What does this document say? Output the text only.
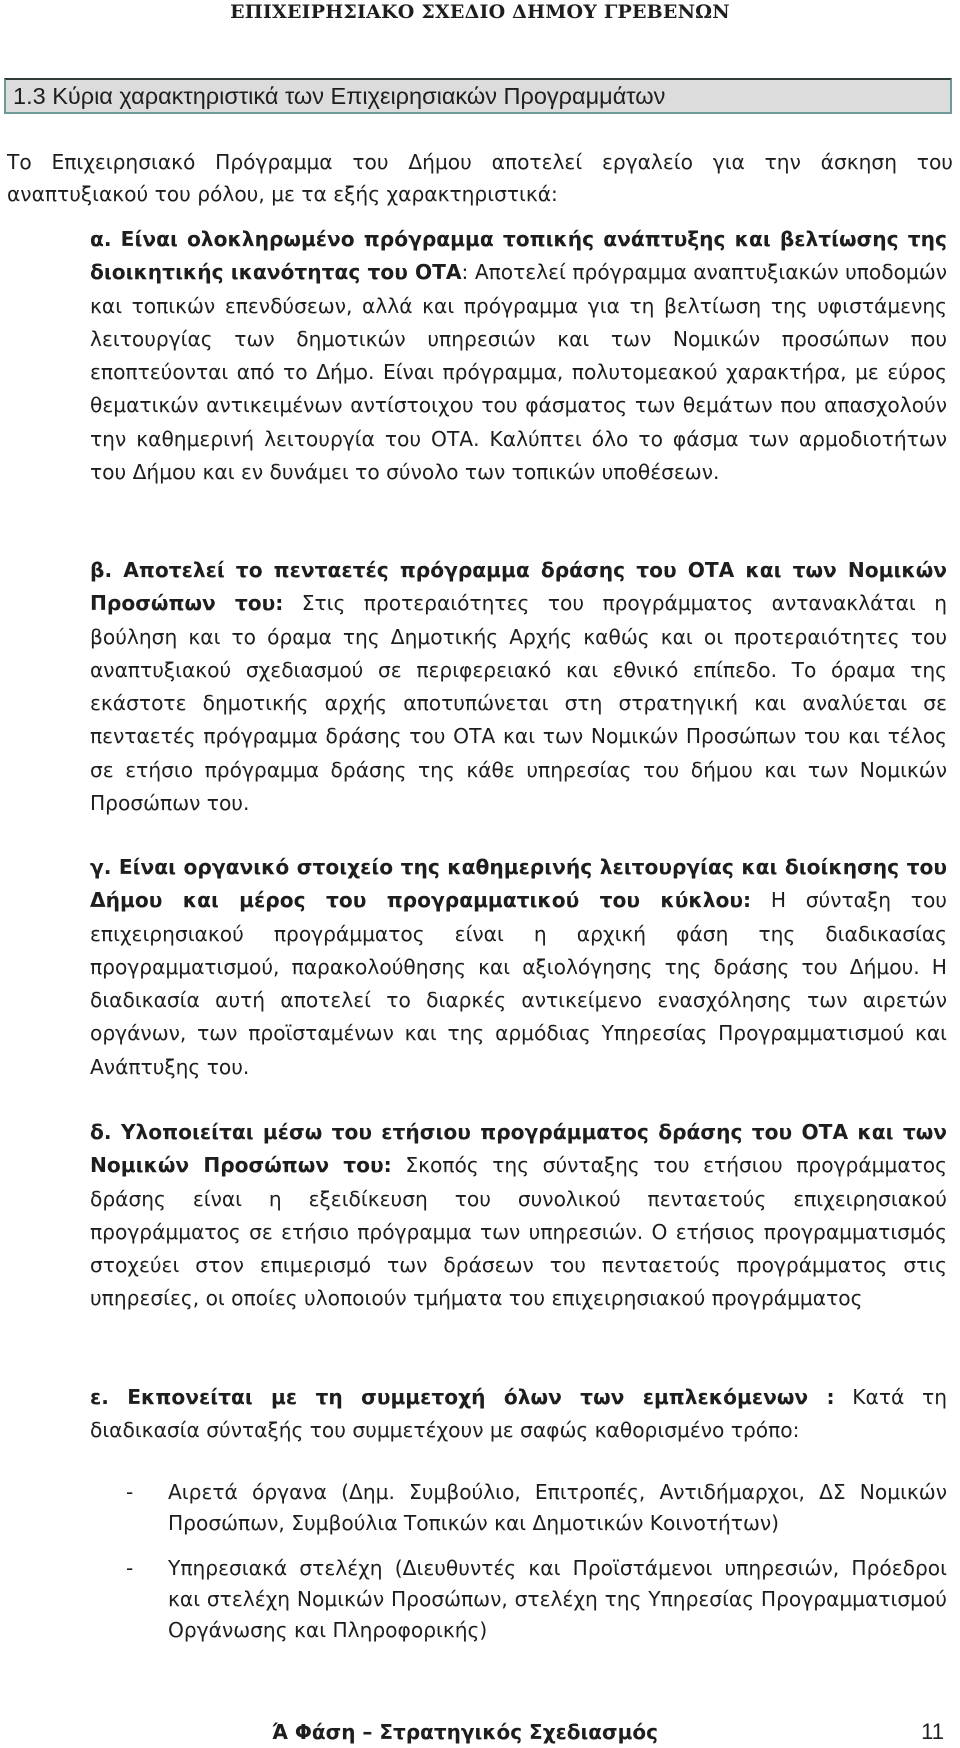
ΕΠΙΧΕΙΡΗΣΙΑΚΟ ΣΧΕΔΙΟ ΔΗΜΟΥ ΓΡΕΒΕΝΩΝ
1.3 Κύρια χαρακτηριστικά των Επιχειρησιακών Προγραμμάτων

Το Επιχειρησιακό Πρόγραμμα του Δήμου αποτελεί εργαλείο για την άσκηση του αναπτυξιακού του ρόλου, με τα εξής χαρακτηριστικά:

α. Είναι ολοκληρωμένο πρόγραμμα τοπικής ανάπτυξης και βελτίωσης της διοικητικής ικανότητας του ΟΤΑ: Αποτελεί πρόγραμμα αναπτυξιακών υποδομών και τοπικών επενδύσεων, αλλά και πρόγραμμα για τη βελτίωση της υφιστάμενης λειτουργίας των δημοτικών υπηρεσιών και των Νομικών προσώπων που εποπτεύονται από το Δήμο. Είναι πρόγραμμα, πολυτομεακού χαρακτήρα, με εύρος θεματικών αντικειμένων αντίστοιχου του φάσματος των θεμάτων που απασχολούν την καθημερινή λειτουργία του ΟΤΑ. Καλύπτει όλο το φάσμα των αρμοδιοτήτων του Δήμου και εν δυνάμει το σύνολο των τοπικών υποθέσεων.

β. Αποτελεί το πενταετές πρόγραμμα δράσης του ΟΤΑ και των Νομικών Προσώπων του: Στις προτεραιότητες του προγράμματος αντανακλάται η βούληση και το όραμα της Δημοτικής Αρχής καθώς και οι προτεραιότητες του αναπτυξιακού σχεδιασμού σε περιφερειακό και εθνικό επίπεδο. Το όραμα της εκάστοτε δημοτικής αρχής αποτυπώνεται στη στρατηγική και αναλύεται σε πενταετές πρόγραμμα δράσης του ΟΤΑ και των Νομικών Προσώπων του και τέλος σε ετήσιο πρόγραμμα δράσης της κάθε υπηρεσίας του δήμου και των Νομικών Προσώπων του.

γ. Είναι οργανικό στοιχείο της καθημερινής λειτουργίας και διοίκησης του Δήμου και μέρος του προγραμματικού του κύκλου: Η σύνταξη του επιχειρησιακού προγράμματος είναι η αρχική φάση της διαδικασίας προγραμματισμού, παρακολούθησης και αξιολόγησης της δράσης του Δήμου. Η διαδικασία αυτή αποτελεί το διαρκές αντικείμενο ενασχόλησης των αιρετών οργάνων, των προϊσταμένων και της αρμόδιας Υπηρεσίας Προγραμματισμού και Ανάπτυξης του.

δ. Υλοποιείται μέσω του ετήσιου προγράμματος δράσης του ΟΤΑ και των Νομικών Προσώπων του: Σκοπός της σύνταξης του ετήσιου προγράμματος δράσης είναι η εξειδίκευση του συνολικού πενταετούς επιχειρησιακού προγράμματος σε ετήσιο πρόγραμμα των υπηρεσιών. Ο ετήσιος προγραμματισμός στοχεύει στον επιμερισμό των δράσεων του πενταετούς προγράμματος στις υπηρεσίες, οι οποίες υλοποιούν τμήματα του επιχειρησιακού προγράμματος

ε. Εκπονείται με τη συμμετοχή όλων των εμπλεκόμενων : Κατά τη διαδικασία σύνταξής του συμμετέχουν με σαφώς καθορισμένο τρόπο:

- Αιρετά όργανα (Δημ. Συμβούλιο, Επιτροπές, Αντιδήμαρχοι, ΔΣ Νομικών Προσώπων, Συμβούλια Τοπικών και Δημοτικών Κοινοτήτων)

- Υπηρεσιακά στελέχη (Διευθυντές και Προϊστάμενοι υπηρεσιών, Πρόεδροι και στελέχη Νομικών Προσώπων, στελέχη της Υπηρεσίας Προγραμματισμού Οργάνωσης και Πληροφορικής)

Ά Φάση – Στρατηγικός Σχεδιασμός	11
